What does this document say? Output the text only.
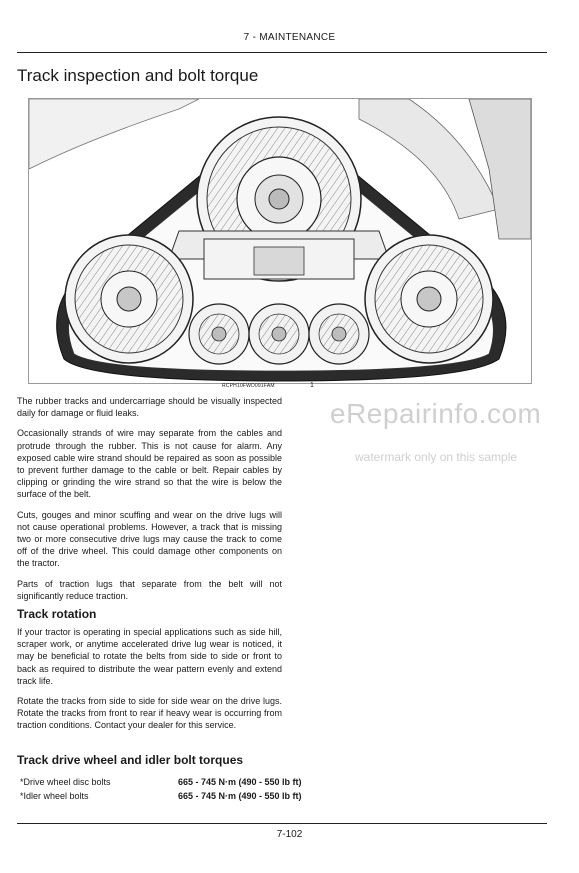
7 - MAINTENANCE
Track inspection and bolt torque
RCPH10FWD091FAM	1

The rubber tracks and undercarriage should be visually inspected daily for damage or fluid leaks.

Occasionally strands of wire may separate from the cables and protrude through the rubber. This is not cause for alarm. Any exposed cable wire strand should be repaired as soon as possible to prevent further damage to the cable or belt. Repair cables by clipping or grinding the wire strand so that the wire is below the surface of the belt.

Cuts, gouges and minor scuffing and wear on the drive lugs will not cause operational problems. However, a track that is missing two or more consecutive drive lugs may cause the track to come off of the drive wheel. This could damage other components on the tractor.

Parts of traction lugs that separate from the belt will not significantly reduce traction.

Track rotation

If your tractor is operating in special applications such as side hill, scraper work, or anytime accelerated drive lug wear is noticed, it may be beneficial to rotate the belts from side to side or front to back as required to distribute the wear pattern evenly and extend track life.

Rotate the tracks from side to side for side wear on the drive lugs. Rotate the tracks from front to rear if heavy wear is occurring from traction conditions. Contact your dealer for this service.

Track drive wheel and idler bolt torques
*Drive wheel disc bolts	665 - 745 N·m (490 - 550 lb ft)
*Idler wheel bolts	665 - 745 N·m (490 - 550 lb ft)
7-102
eRepairinfo.com
watermark only on this sample
